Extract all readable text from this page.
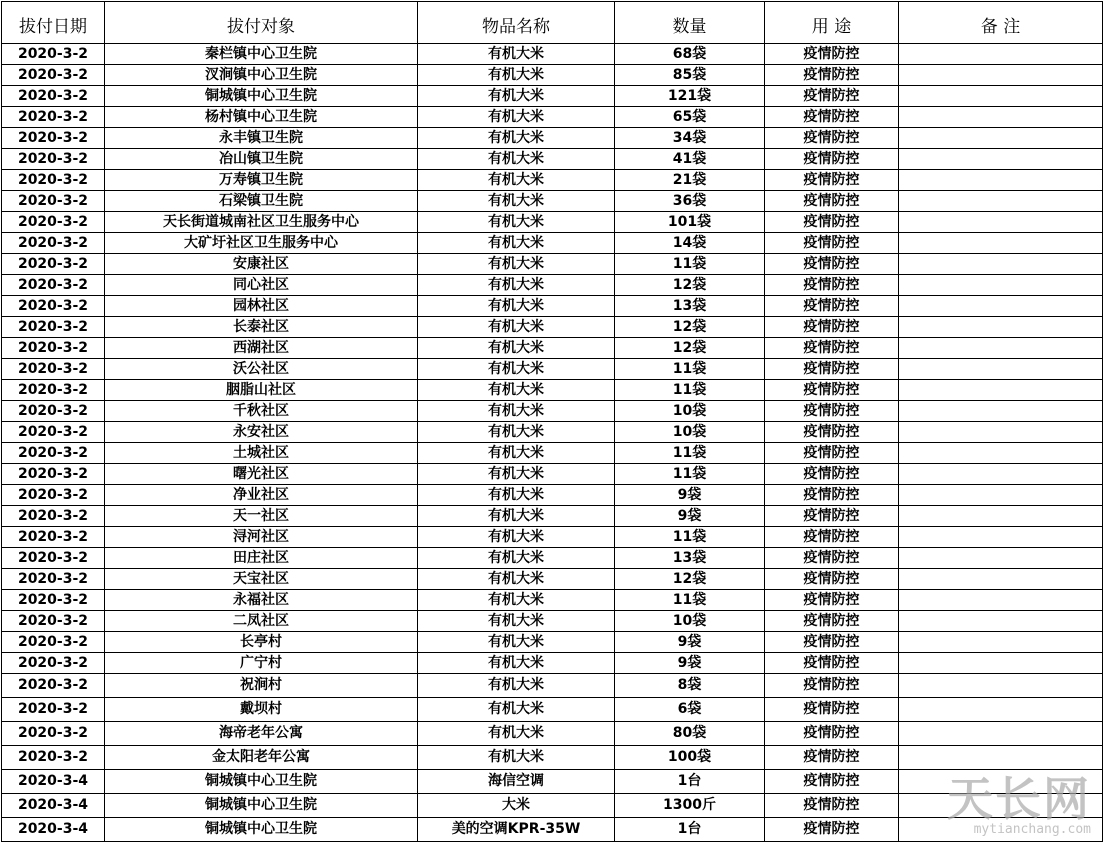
拔付日期	拔付对象	物品名称	数量	用 途	备 注
2020-3-2	秦栏镇中心卫生院	有机大米	68袋	疫情防控	
2020-3-2	汊涧镇中心卫生院	有机大米	85袋	疫情防控	
2020-3-2	铜城镇中心卫生院	有机大米	121袋	疫情防控	
2020-3-2	杨村镇中心卫生院	有机大米	65袋	疫情防控	
2020-3-2	永丰镇卫生院	有机大米	34袋	疫情防控	
2020-3-2	冶山镇卫生院	有机大米	41袋	疫情防控	
2020-3-2	万寿镇卫生院	有机大米	21袋	疫情防控	
2020-3-2	石梁镇卫生院	有机大米	36袋	疫情防控	
2020-3-2	天长街道城南社区卫生服务中心	有机大米	101袋	疫情防控	
2020-3-2	大矿圩社区卫生服务中心	有机大米	14袋	疫情防控	
2020-3-2	安康社区	有机大米	11袋	疫情防控	
2020-3-2	同心社区	有机大米	12袋	疫情防控	
2020-3-2	园林社区	有机大米	13袋	疫情防控	
2020-3-2	长泰社区	有机大米	12袋	疫情防控	
2020-3-2	西湖社区	有机大米	12袋	疫情防控	
2020-3-2	沃公社区	有机大米	11袋	疫情防控	
2020-3-2	胭脂山社区	有机大米	11袋	疫情防控	
2020-3-2	千秋社区	有机大米	10袋	疫情防控	
2020-3-2	永安社区	有机大米	10袋	疫情防控	
2020-3-2	土城社区	有机大米	11袋	疫情防控	
2020-3-2	曙光社区	有机大米	11袋	疫情防控	
2020-3-2	净业社区	有机大米	9袋	疫情防控	
2020-3-2	天一社区	有机大米	9袋	疫情防控	
2020-3-2	浔河社区	有机大米	11袋	疫情防控	
2020-3-2	田庄社区	有机大米	13袋	疫情防控	
2020-3-2	天宝社区	有机大米	12袋	疫情防控	
2020-3-2	永福社区	有机大米	11袋	疫情防控	
2020-3-2	二凤社区	有机大米	10袋	疫情防控	
2020-3-2	长亭村	有机大米	9袋	疫情防控	
2020-3-2	广宁村	有机大米	9袋	疫情防控	
2020-3-2	祝涧村	有机大米	8袋	疫情防控	
2020-3-2	戴坝村	有机大米	6袋	疫情防控	
2020-3-2	海帝老年公寓	有机大米	80袋	疫情防控	
2020-3-2	金太阳老年公寓	有机大米	100袋	疫情防控	
2020-3-4	铜城镇中心卫生院	海信空调	1台	疫情防控	
2020-3-4	铜城镇中心卫生院	大米	1300斤	疫情防控	
2020-3-4	铜城镇中心卫生院	美的空调KPR-35W	1台	疫情防控	
天长网
mytianchang.com
